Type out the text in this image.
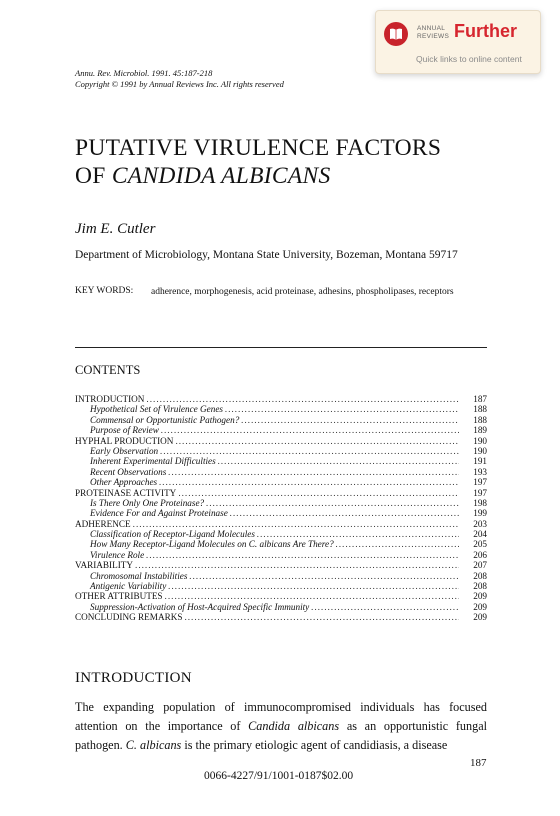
ANNUAL
REVIEWS Further
Quick links to online content
Annu. Rev. Microbiol. 1991. 45:187-218
Copyright © 1991 by Annual Reviews Inc. All rights reserved
PUTATIVE VIRULENCE FACTORS
OF CANDIDA ALBICANS
Jim E. Cutler
Department of Microbiology, Montana State University, Bozeman, Montana 59717
KEY WORDS: adherence, morphogenesis, acid proteinase, adhesins, phospholipases, receptors
CONTENTS
INTRODUCTION .....	187
Hypothetical Set of Virulence Genes .....	188
Commensal or Opportunistic Pathogen? .....	188
Purpose of Review .....	189
HYPHAL PRODUCTION .....	190
Early Observation .....	190
Inherent Experimental Difficulties .....	191
Recent Observations .....	193
Other Approaches .....	197
PROTEINASE ACTIVITY .....	197
Is There Only One Proteinase? .....	198
Evidence For and Against Proteinase .....	199
ADHERENCE .....	203
Classification of Receptor-Ligand Molecules .....	204
How Many Receptor-Ligand Molecules on C. albicans Are There? .....	205
Virulence Role .....	206
VARIABILITY .....	207
Chromosomal Instabilities .....	208
Antigenic Variability .....	208
OTHER ATTRIBUTES .....	209
Suppression-Activation of Host-Acquired Specific Immunity .....	209
CONCLUDING REMARKS .....	209
INTRODUCTION
The expanding population of immunocompromised individuals has focused attention on the importance of Candida albicans as an opportunistic fungal pathogen. C. albicans is the primary etiologic agent of candidiasis, a disease
187
0066-4227/91/1001-0187$02.00
